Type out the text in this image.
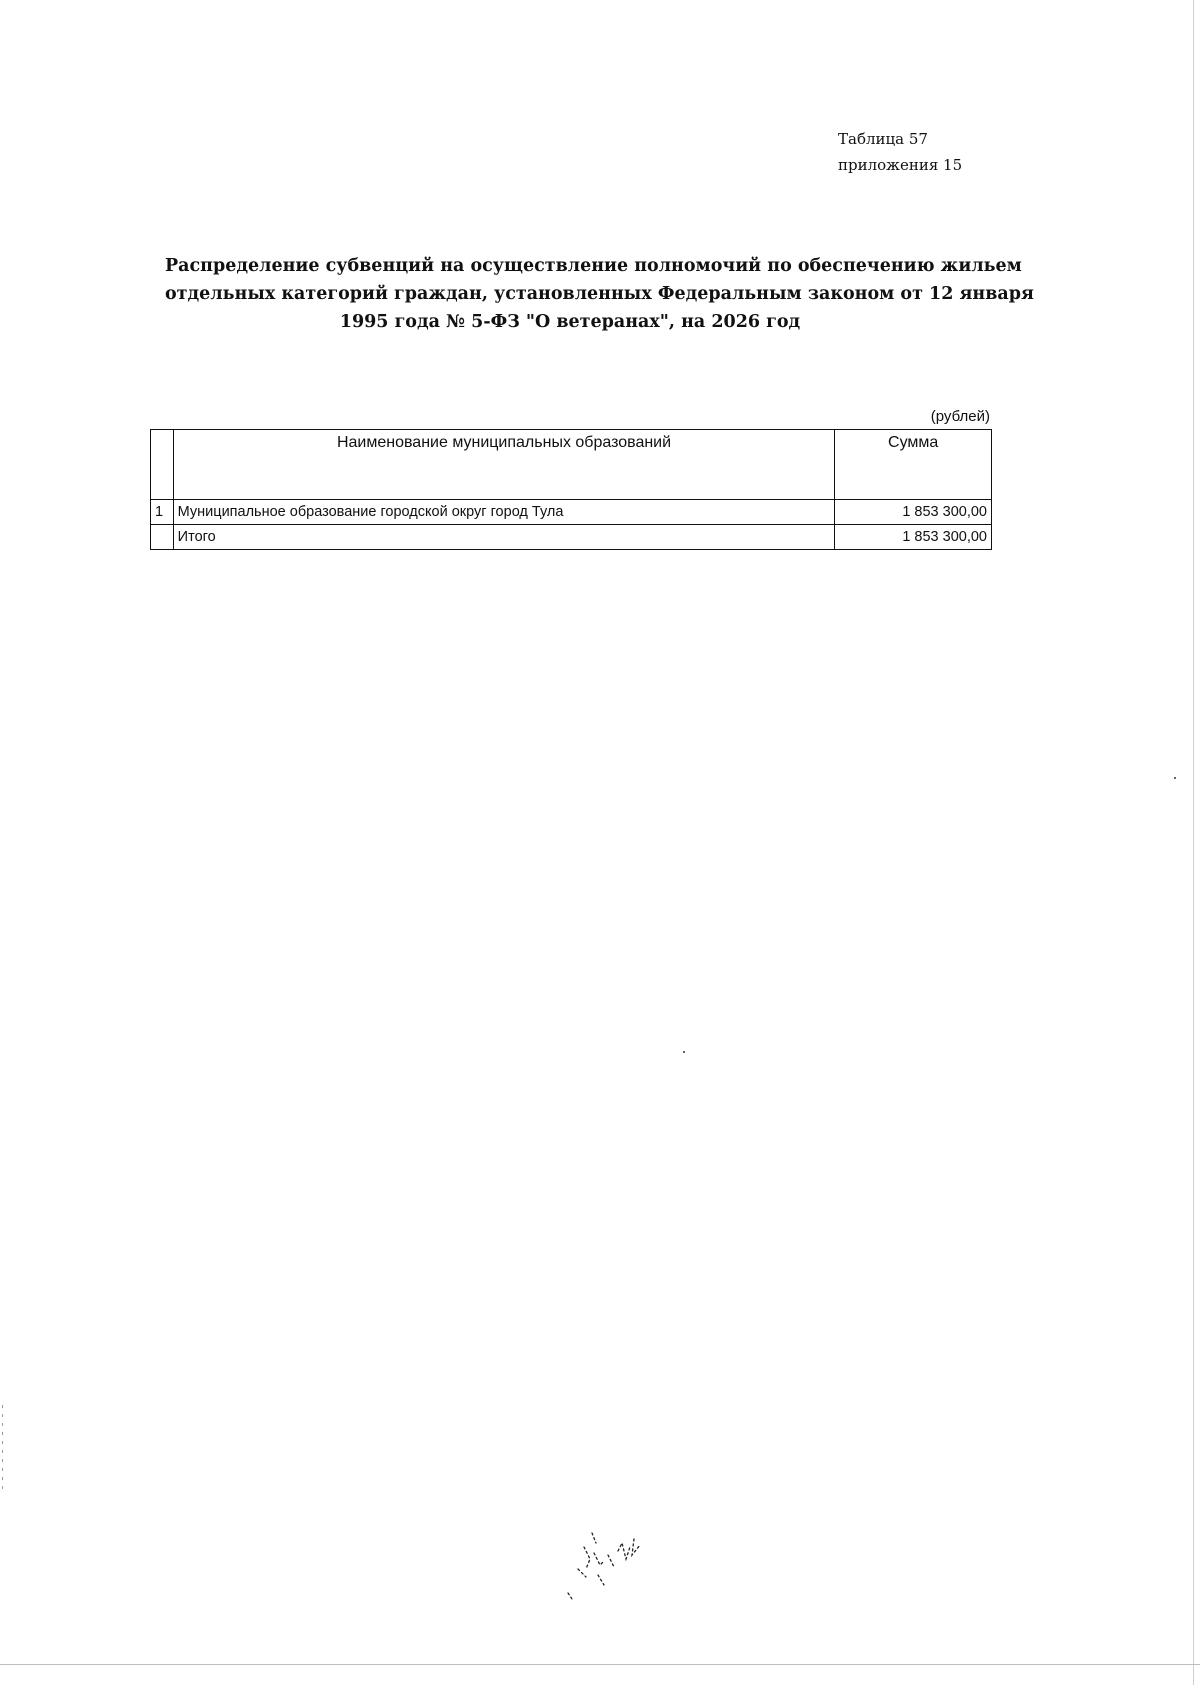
Таблица 57
приложения 15
Распределение субвенций на осуществление полномочий по обеспечению жильем
отдельных категорий граждан, установленных Федеральным законом от 12 января
1995 года № 5-ФЗ "О ветеранах", на 2026 год
(рублей)
	Наименование муниципальных образований	Сумма
1	Муниципальное образование городской округ город Тула	1 853 300,00
	Итого	1 853 300,00
